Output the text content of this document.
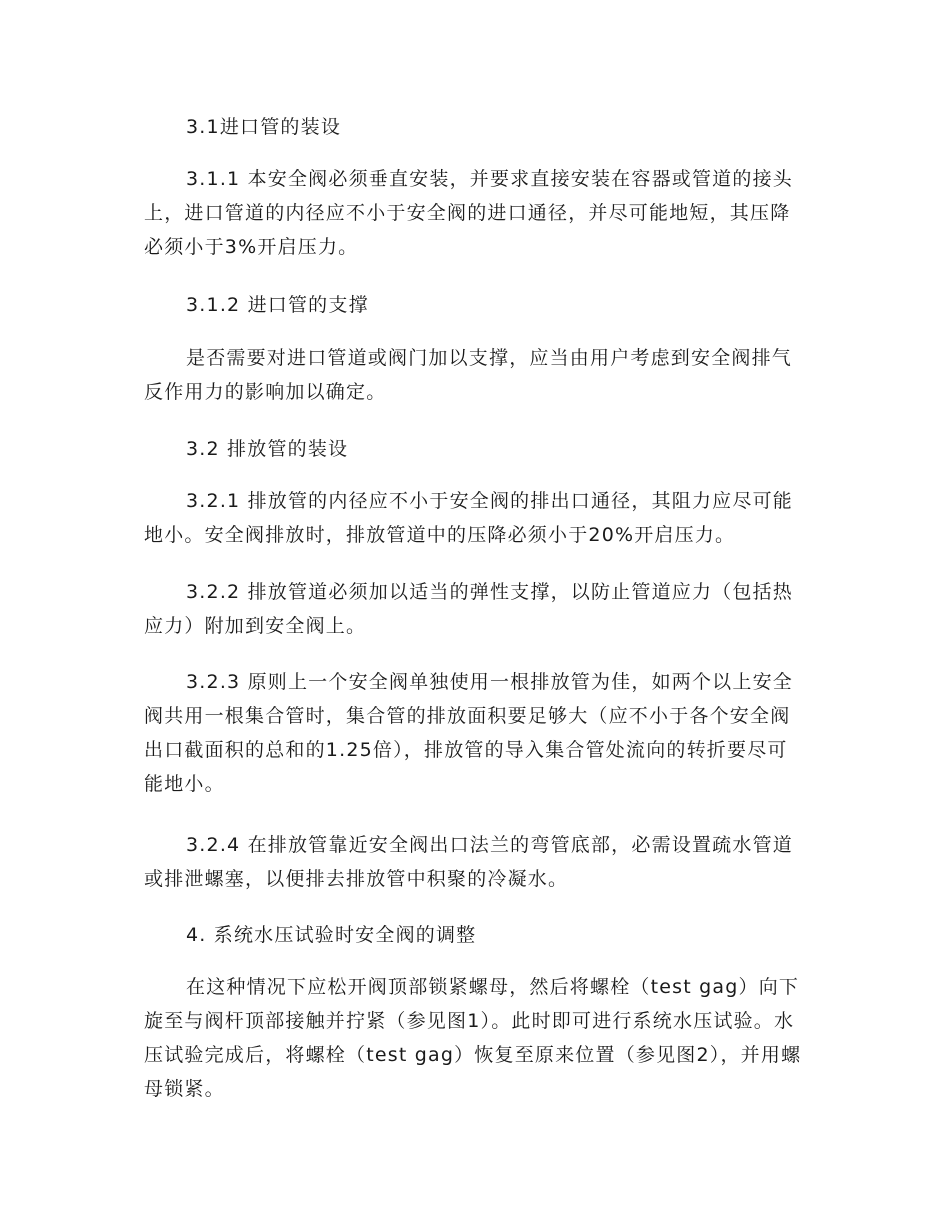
3.1进口管的装设

3.1.1 本安全阀必须垂直安装，并要求直接安装在容器或管道的接头上，进口管道的内径应不小于安全阀的进口通径，并尽可能地短，其压降必须小于3%开启压力。

3.1.2 进口管的支撑

是否需要对进口管道或阀门加以支撑，应当由用户考虑到安全阀排气反作用力的影响加以确定。

3.2 排放管的装设

3.2.1 排放管的内径应不小于安全阀的排出口通径，其阻力应尽可能地小。安全阀排放时，排放管道中的压降必须小于20%开启压力。

3.2.2 排放管道必须加以适当的弹性支撑，以防止管道应力（包括热应力）附加到安全阀上。

3.2.3 原则上一个安全阀单独使用一根排放管为佳，如两个以上安全阀共用一根集合管时，集合管的排放面积要足够大（应不小于各个安全阀出口截面积的总和的1.25倍），排放管的导入集合管处流向的转折要尽可能地小。

3.2.4 在排放管靠近安全阀出口法兰的弯管底部，必需设置疏水管道或排泄螺塞，以便排去排放管中积聚的冷凝水。

4. 系统水压试验时安全阀的调整

在这种情况下应松开阀顶部锁紧螺母，然后将螺栓（test gag）向下旋至与阀杆顶部接触并拧紧（参见图1）。此时即可进行系统水压试验。水压试验完成后，将螺栓（test gag）恢复至原来位置（参见图2），并用螺母锁紧。
